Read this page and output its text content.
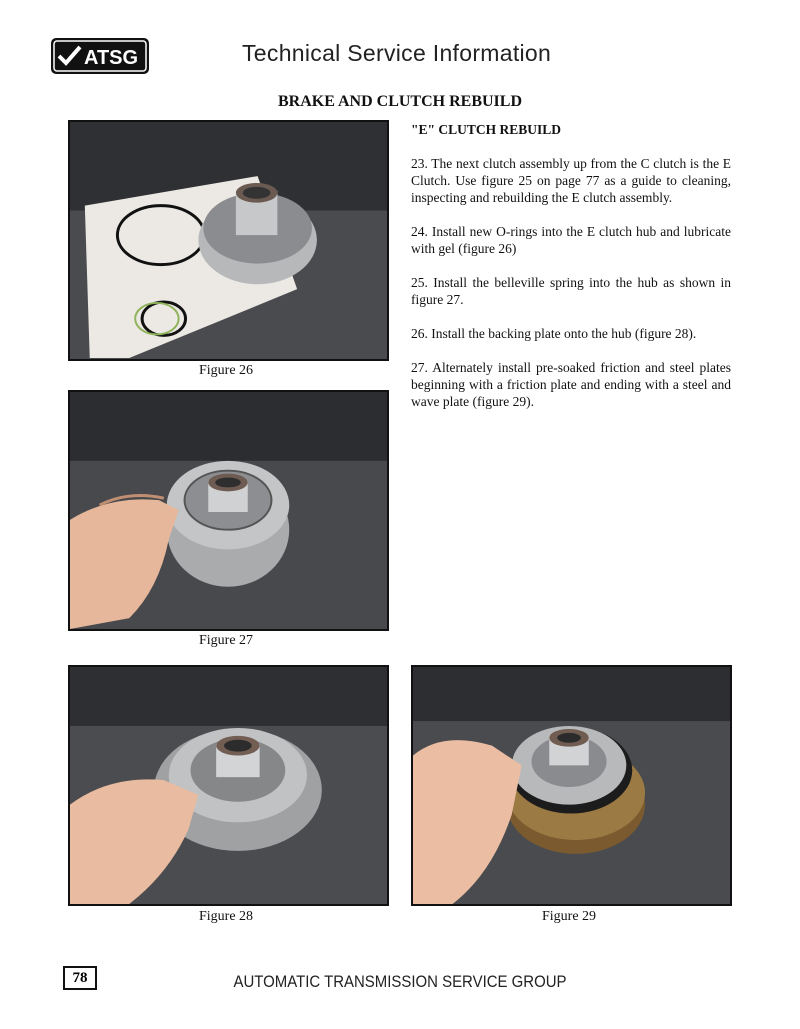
ATSG	Technical Service Information
BRAKE AND CLUTCH REBUILD
"E" CLUTCH REBUILD

23. The next clutch assembly up from the C clutch is the E Clutch. Use figure 25 on page 77 as a guide to cleaning, inspecting and rebuilding the E clutch assembly.

24. Install new O-rings into the E clutch hub and lubricate with gel (figure 26)

25. Install the belleville spring into the hub as shown in figure 27.

26. Install the backing plate onto the hub (figure 28).

27. Alternately install pre-soaked friction and steel plates beginning with a friction plate and ending with a steel and wave plate (figure 29).

Figure 26
Figure 27
Figure 28	Figure 29
78	AUTOMATIC TRANSMISSION SERVICE GROUP
